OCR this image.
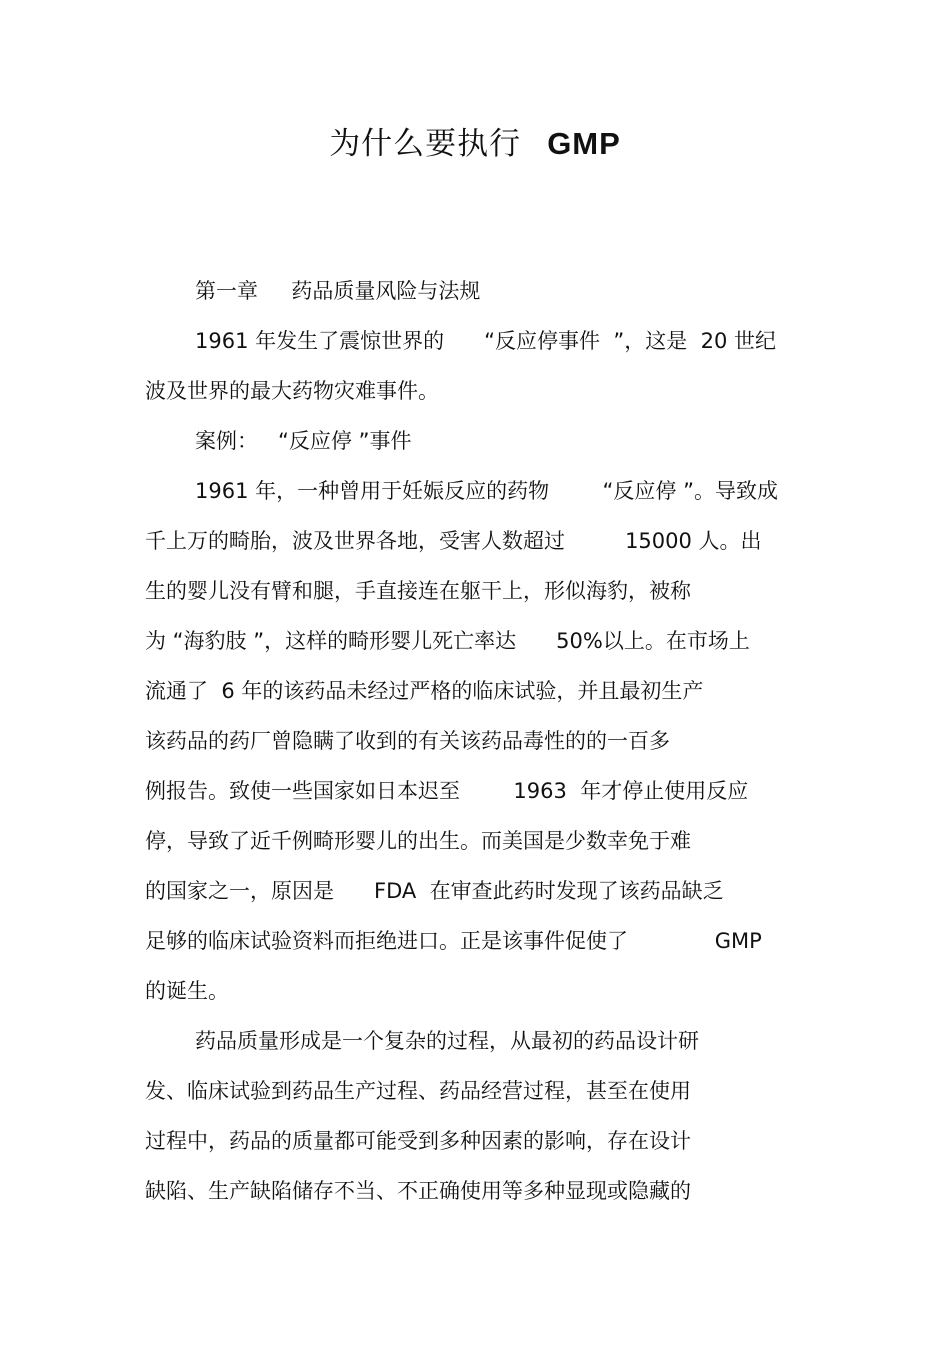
为什么要执行 GMP
第一章     药品质量风险与法规
1961 年发生了震惊世界的      “反应停事件  ”，这是  20 世纪
波及世界的最大药物灾难事件。
案例：   “反应停 ”事件
1961 年，一种曾用于妊娠反应的药物        “反应停 ”。导致成
千上万的畸胎，波及世界各地，受害人数超过         15000 人。出
生的婴儿没有臂和腿，手直接连在躯干上，形似海豹，被称
为 “海豹肢 ”，这样的畸形婴儿死亡率达      50%以上。在市场上
流通了  6 年的该药品未经过严格的临床试验，并且最初生产
该药品的药厂曾隐瞒了收到的有关该药品毒性的的一百多
例报告。致使一些国家如日本迟至        1963  年才停止使用反应
停，导致了近千例畸形婴儿的出生。而美国是少数幸免于难
的国家之一，原因是      FDA  在审查此药时发现了该药品缺乏
足够的临床试验资料而拒绝进口。正是该事件促使了             GMP
的诞生。
药品质量形成是一个复杂的过程，从最初的药品设计研
发、临床试验到药品生产过程、药品经营过程，甚至在使用
过程中，药品的质量都可能受到多种因素的影响，存在设计
缺陷、生产缺陷储存不当、不正确使用等多种显现或隐藏的
